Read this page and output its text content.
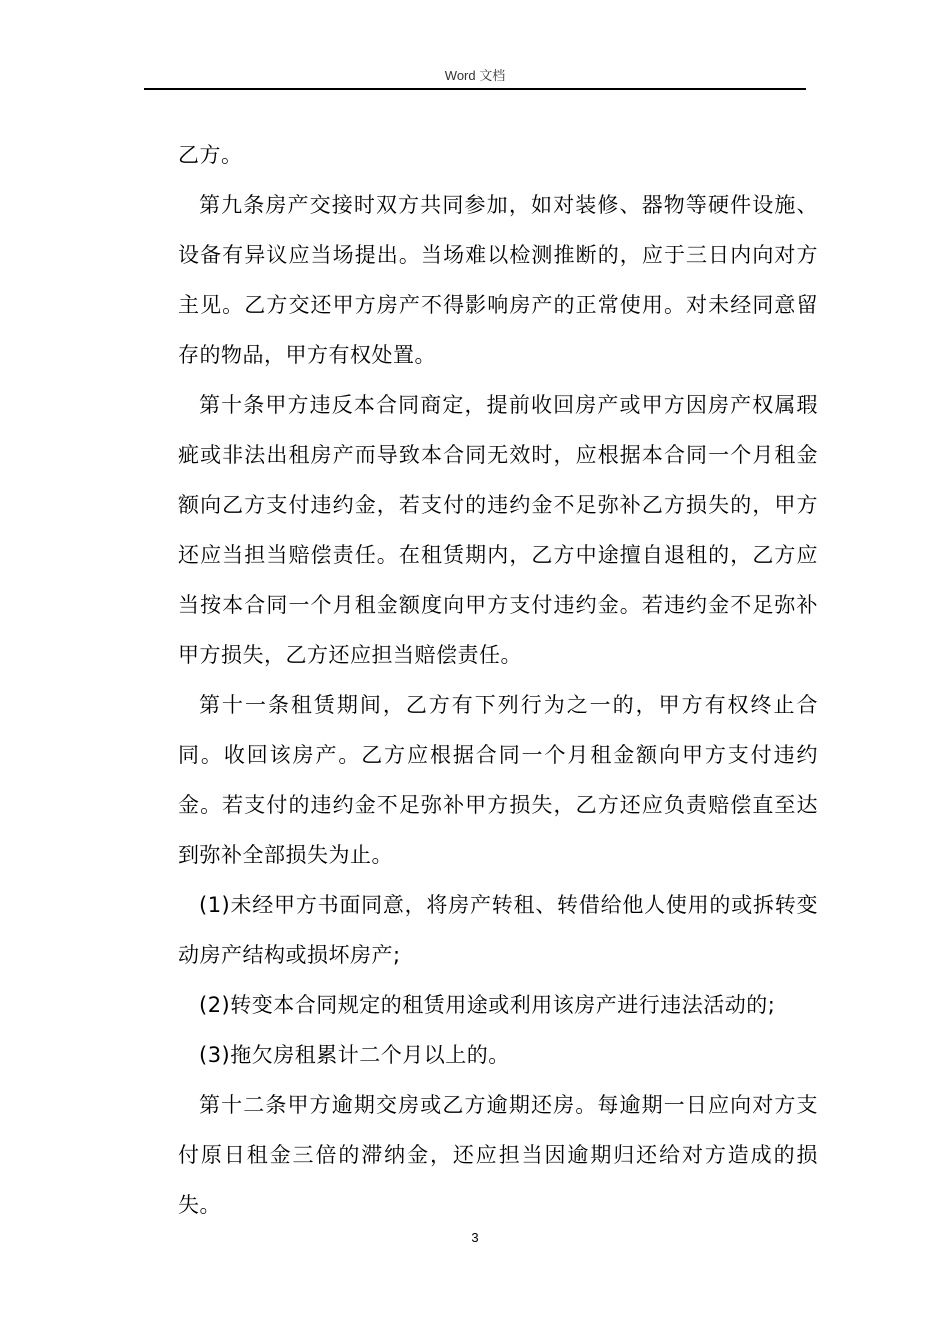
Word 文档

乙方。

第九条房产交接时双方共同参加，如对装修、器物等硬件设施、设备有异议应当场提出。当场难以检测推断的，应于三日内向对方主见。乙方交还甲方房产不得影响房产的正常使用。对未经同意留存的物品，甲方有权处置。

第十条甲方违反本合同商定，提前收回房产或甲方因房产权属瑕疵或非法出租房产而导致本合同无效时，应根据本合同一个月租金额向乙方支付违约金，若支付的违约金不足弥补乙方损失的，甲方还应当担当赔偿责任。在租赁期内，乙方中途擅自退租的，乙方应当按本合同一个月租金额度向甲方支付违约金。若违约金不足弥补甲方损失，乙方还应担当赔偿责任。

第十一条租赁期间，乙方有下列行为之一的，甲方有权终止合同。收回该房产。乙方应根据合同一个月租金额向甲方支付违约金。若支付的违约金不足弥补甲方损失，乙方还应负责赔偿直至达到弥补全部损失为止。

(1)未经甲方书面同意，将房产转租、转借给他人使用的或拆转变动房产结构或损坏房产;

(2)转变本合同规定的租赁用途或利用该房产进行违法活动的;

(3)拖欠房租累计二个月以上的。

第十二条甲方逾期交房或乙方逾期还房。每逾期一日应向对方支付原日租金三倍的滞纳金，还应担当因逾期归还给对方造成的损失。

3
